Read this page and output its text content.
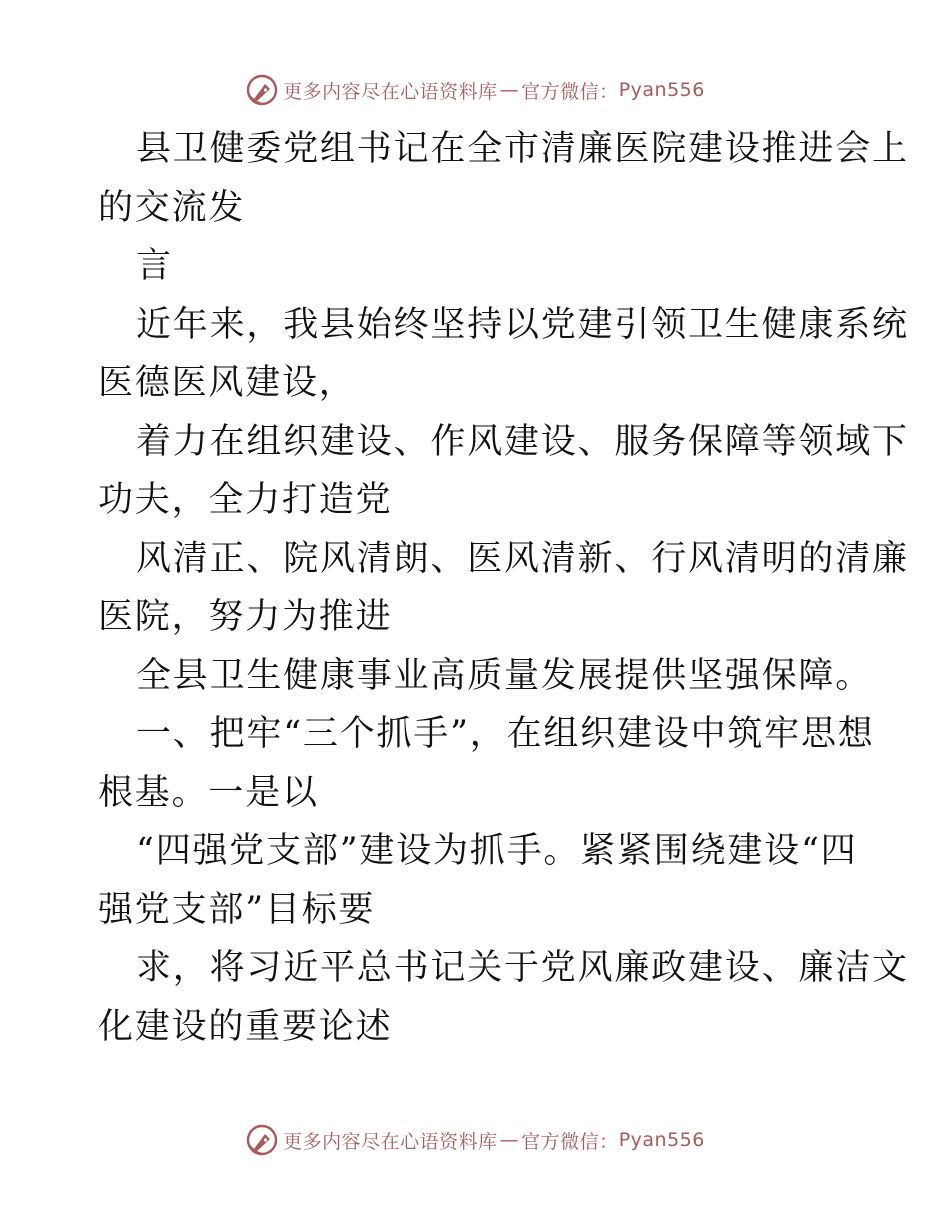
更多内容尽在心语资料库 — 官方微信： Pyan556
县卫健委党组书记在全市清廉医院建设推进会上
的交流发
言
近年来，我县始终坚持以党建引领卫生健康系统
医德医风建设，
着力在组织建设、作风建设、服务保障等领域下
功夫，全力打造党
风清正、院风清朗、医风清新、行风清明的清廉
医院，努力为推进
全县卫生健康事业高质量发展提供坚强保障。
一、把牢“三个抓手”，在组织建设中筑牢思想
根基。一是以
“四强党支部”建设为抓手。紧紧围绕建设“四
强党支部”目标要
求，将习近平总书记关于党风廉政建设、廉洁文
化建设的重要论述
更多内容尽在心语资料库 — 官方微信： Pyan556
